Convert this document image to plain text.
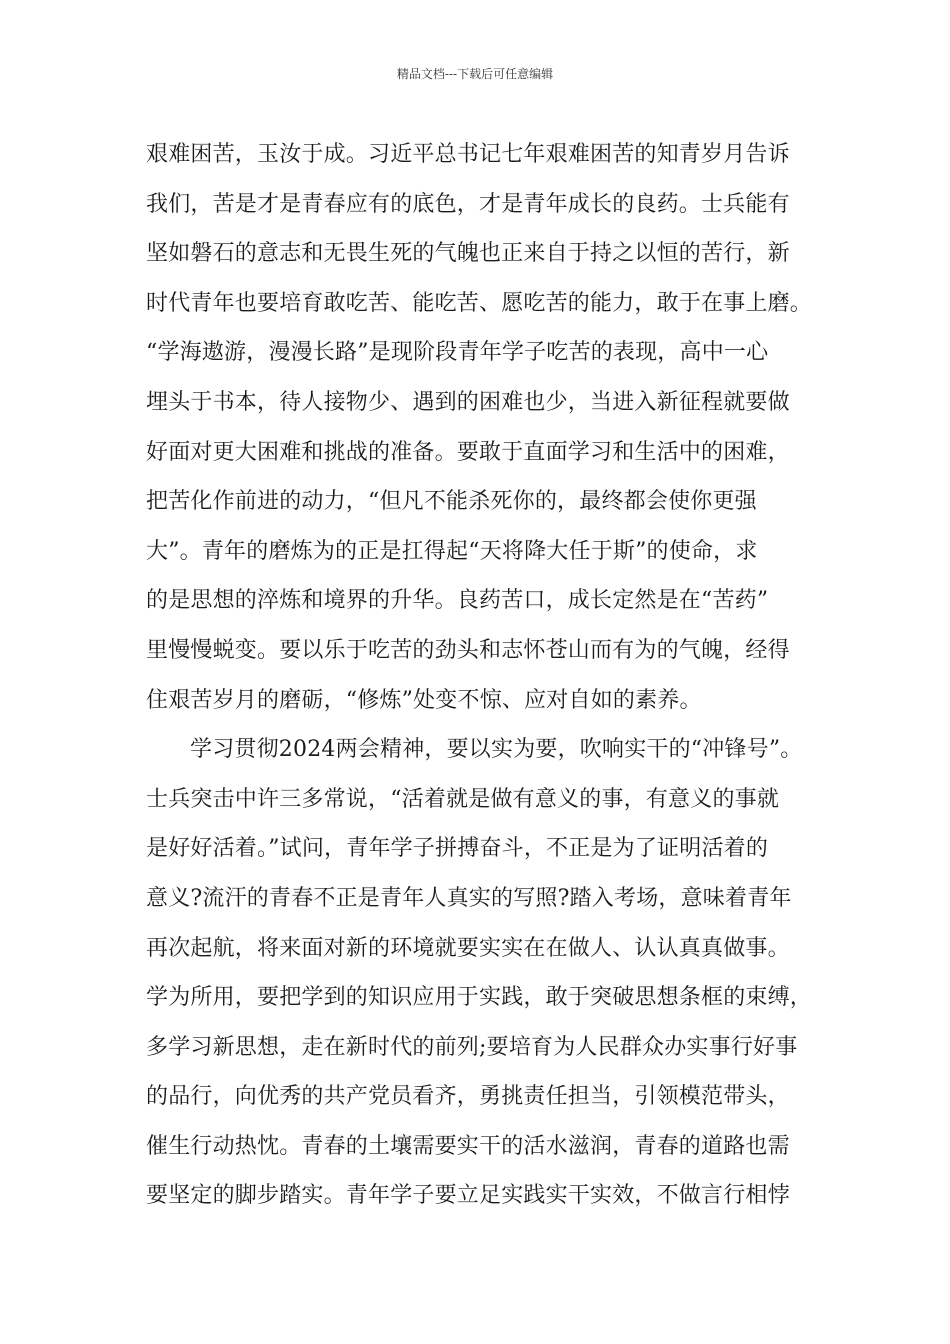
精品文档---下载后可任意编辑
艰难困苦，玉汝于成。习近平总书记七年艰难困苦的知青岁月告诉
我们，苦是才是青春应有的底色，才是青年成长的良药。士兵能有
坚如磐石的意志和无畏生死的气魄也正来自于持之以恒的苦行，新
时代青年也要培育敢吃苦、能吃苦、愿吃苦的能力，敢于在事上磨。
“学海遨游，漫漫长路”是现阶段青年学子吃苦的表现，高中一心
埋头于书本，待人接物少、遇到的困难也少，当进入新征程就要做
好面对更大困难和挑战的准备。要敢于直面学习和生活中的困难，
把苦化作前进的动力，“但凡不能杀死你的，最终都会使你更强
大”。青年的磨炼为的正是扛得起“天将降大任于斯”的使命，求
的是思想的淬炼和境界的升华。良药苦口，成长定然是在“苦药”
里慢慢蜕变。要以乐于吃苦的劲头和志怀苍山而有为的气魄，经得
住艰苦岁月的磨砺，“修炼”处变不惊、应对自如的素养。
学习贯彻2024两会精神，要以实为要，吹响实干的“冲锋号”。
士兵突击中许三多常说，“活着就是做有意义的事，有意义的事就
是好好活着。”试问，青年学子拼搏奋斗，不正是为了证明活着的
意义?流汗的青春不正是青年人真实的写照?踏入考场，意味着青年
再次起航，将来面对新的环境就要实实在在做人、认认真真做事。
学为所用，要把学到的知识应用于实践，敢于突破思想条框的束缚，
多学习新思想，走在新时代的前列;要培育为人民群众办实事行好事
的品行，向优秀的共产党员看齐，勇挑责任担当，引领模范带头，
催生行动热忱。青春的土壤需要实干的活水滋润，青春的道路也需
要坚定的脚步踏实。青年学子要立足实践实干实效，不做言行相悖
